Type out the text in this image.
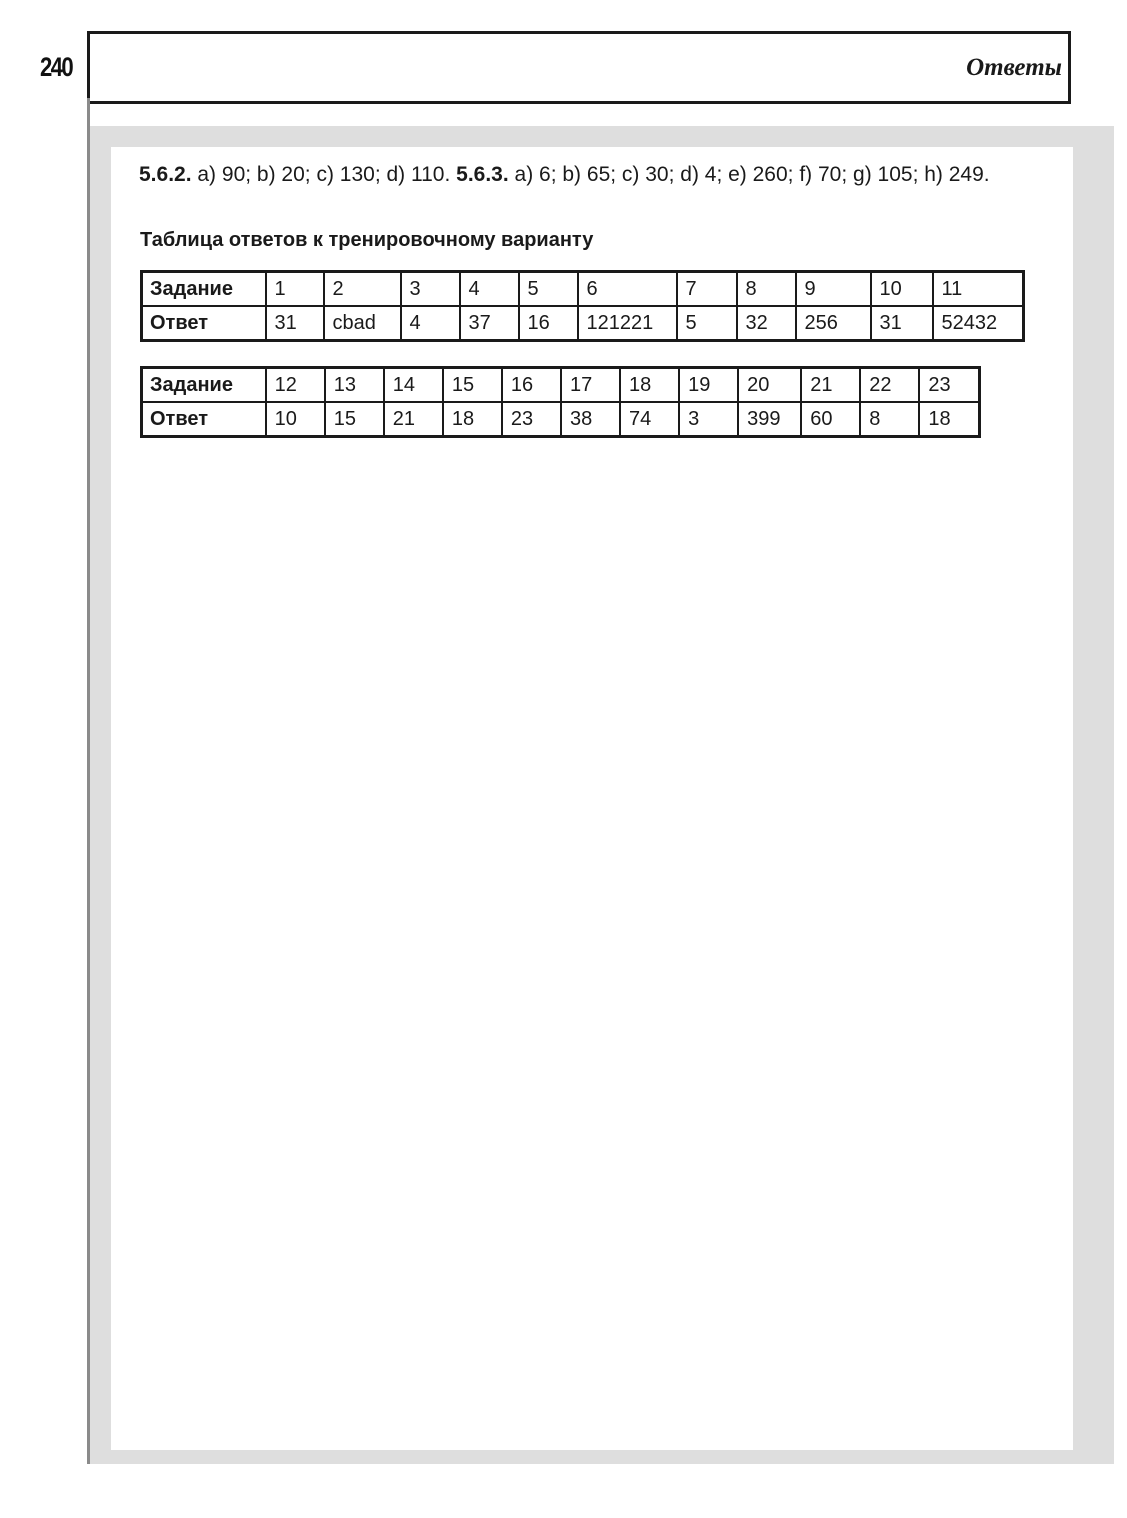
240	Ответы

5.6.2. a) 90; b) 20; c) 130; d) 110. 5.6.3. a) 6; b) 65; c) 30; d) 4; e) 260; f) 70; g) 105; h) 249.

Таблица ответов к тренировочному варианту
Задание	1	2	3	4	5	6	7	8	9	10	11
Ответ	31	cbad	4	37	16	121221	5	32	256	31	52432
Задание	12	13	14	15	16	17	18	19	20	21	22	23
Ответ	10	15	21	18	23	38	74	3	399	60	8	18
